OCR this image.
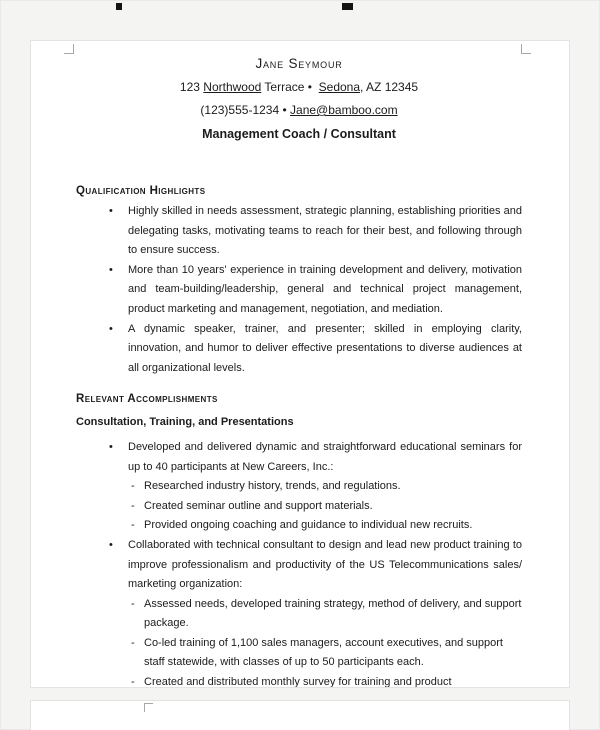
Jane Seymour
123 Northwood Terrace •  Sedona, AZ 12345
(123)555-1234 • Jane@bamboo.com
Management Coach / Consultant
Qualification Highlights
• Highly skilled in needs assessment, strategic planning, establishing priorities and delegating tasks, motivating teams to reach for their best, and following through to ensure success.
• More than 10 years' experience in training development and delivery, motivation and team-building/leadership, general and technical project management, product marketing and management, negotiation, and mediation.
• A dynamic speaker, trainer, and presenter; skilled in employing clarity, innovation, and humor to deliver effective presentations to diverse audiences at all organizational levels.
Relevant Accomplishments
Consultation, Training, and Presentations
• Developed and delivered dynamic and straightforward educational seminars for up to 40 participants at New Careers, Inc.:
- Researched industry history, trends, and regulations.
- Created seminar outline and support materials.
- Provided ongoing coaching and guidance to individual new recruits.
• Collaborated with technical consultant to design and lead new product training to improve professionalism and productivity of the US Telecommunications sales/ marketing organization:
- Assessed needs, developed training strategy, method of delivery, and support package.
- Co-led training of 1,100 sales managers, account executives, and support staff statewide, with classes of up to 50 participants each.
- Created and distributed monthly survey for training and product
